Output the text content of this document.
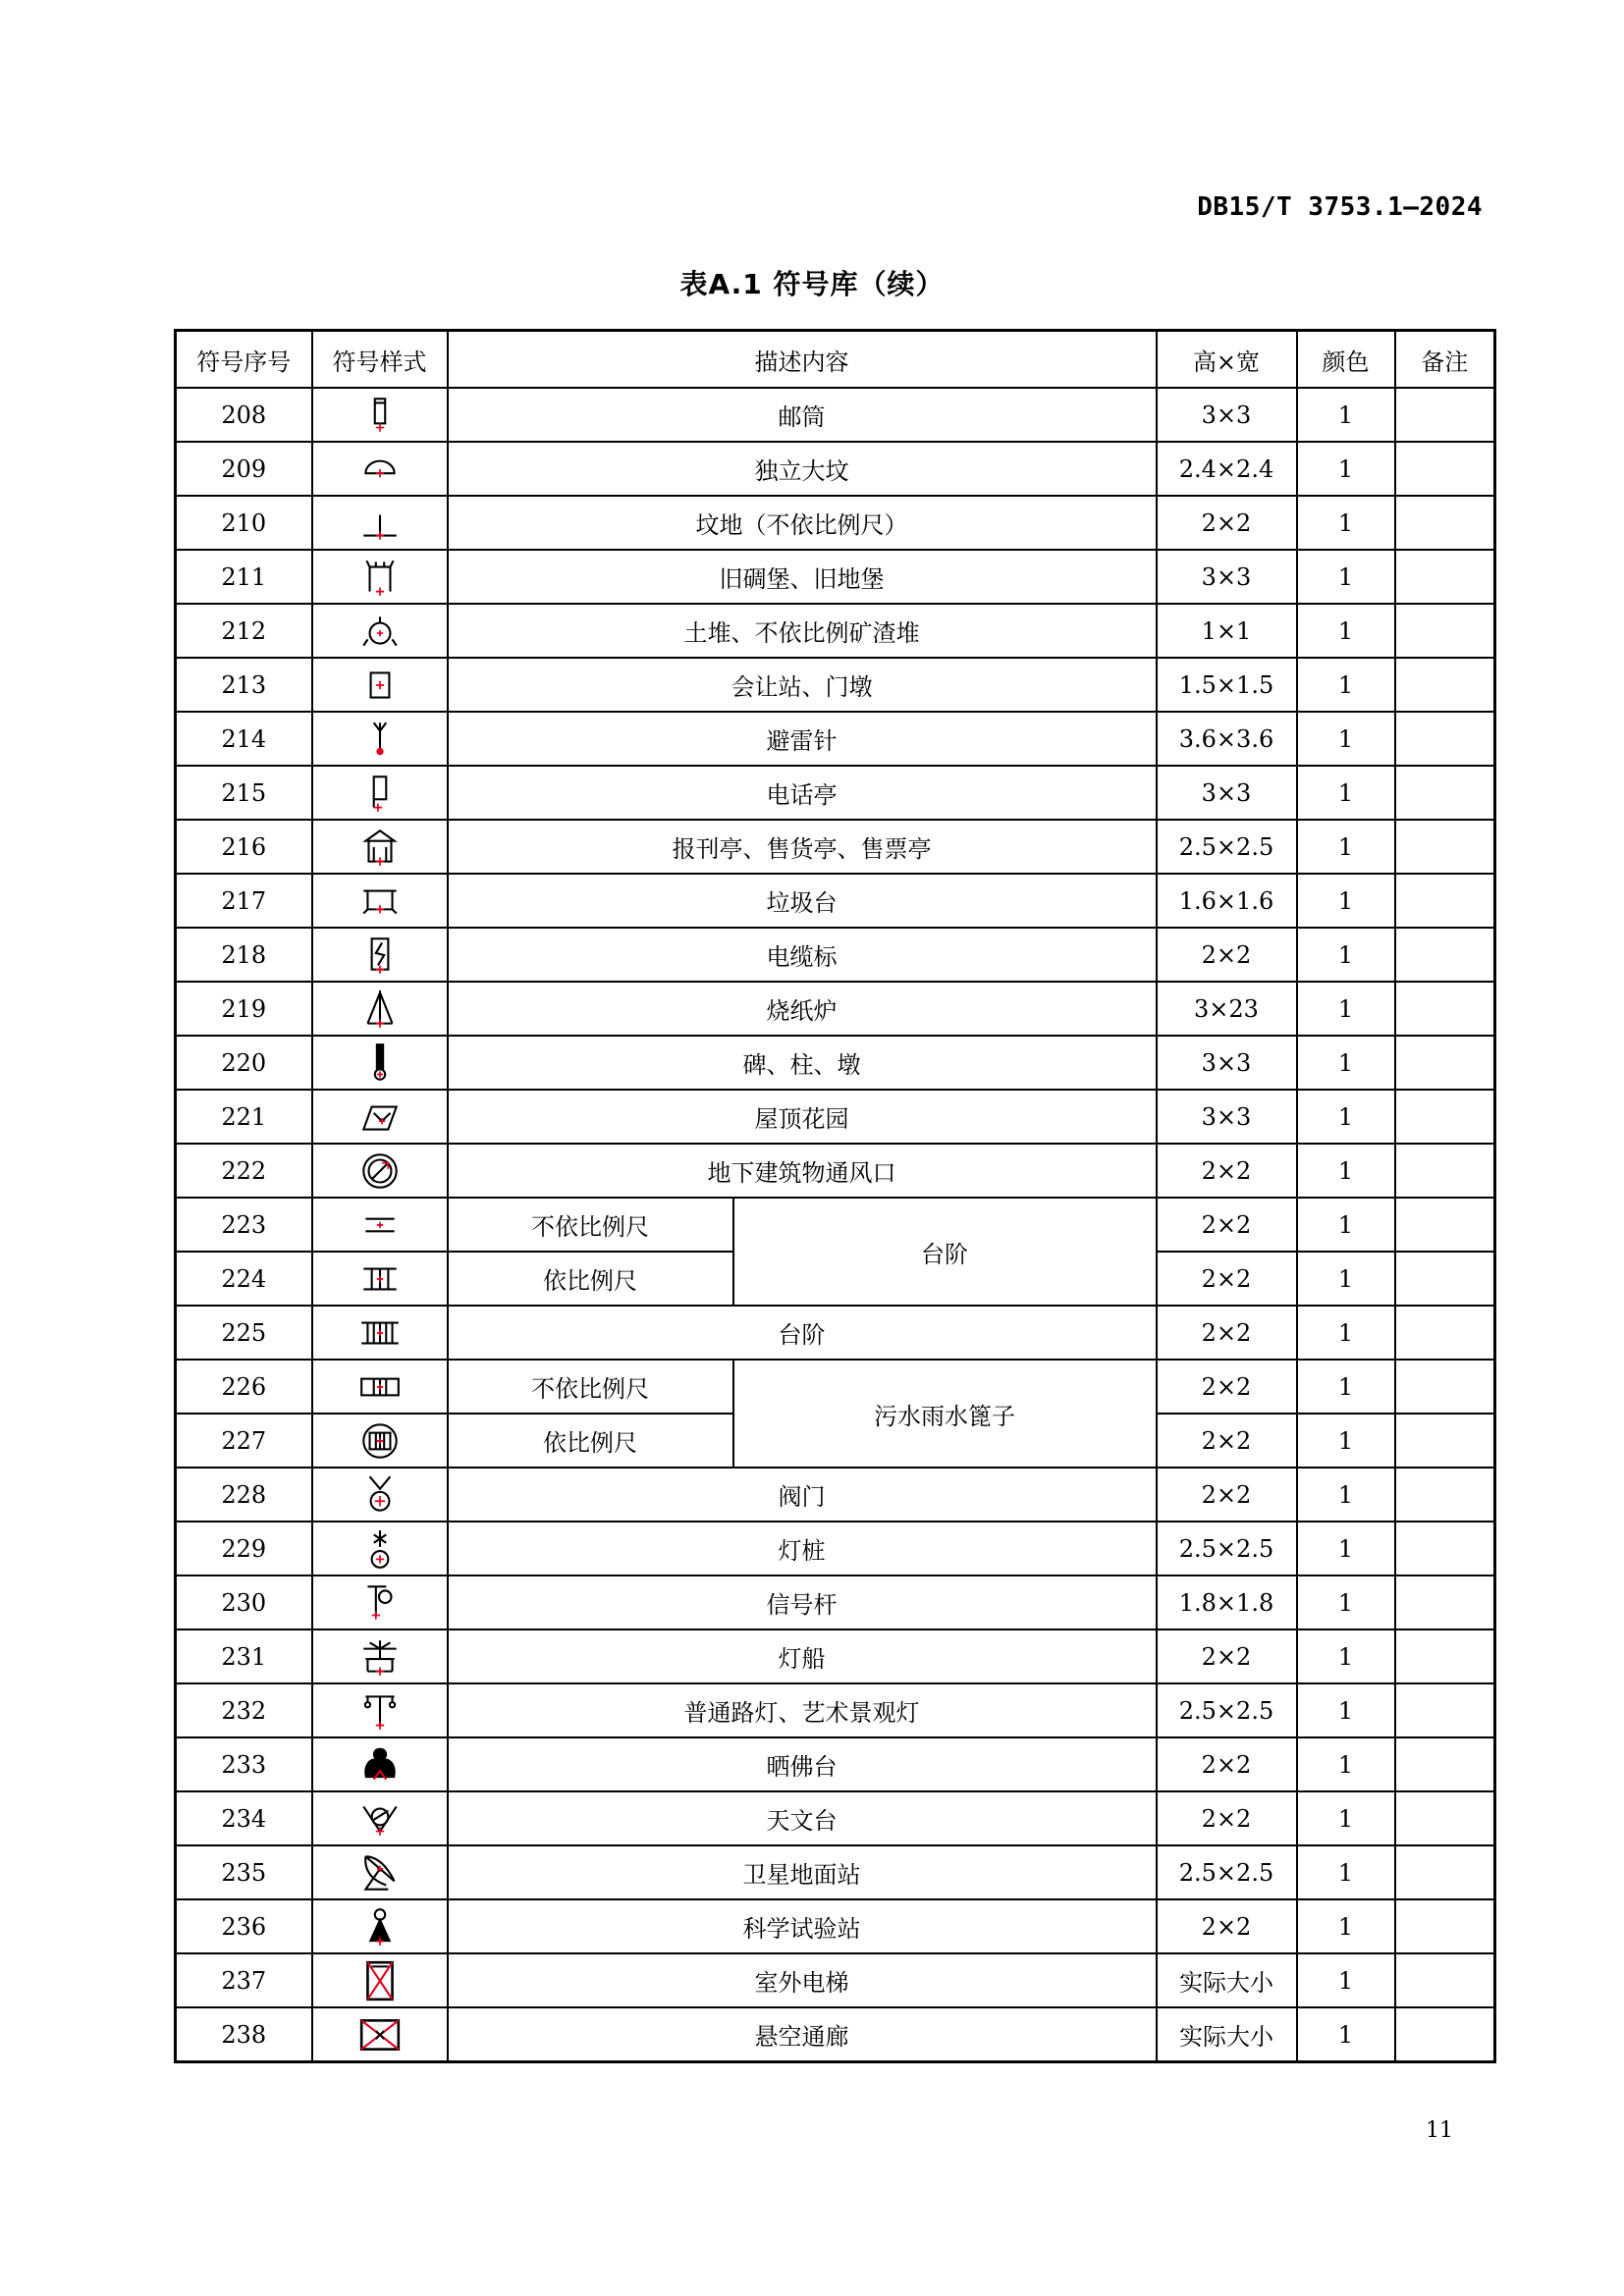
DB15/T 3753.1—2024
表A.1 符号库（续）
符号序号	符号样式	描述内容		高×宽	颜色	备注
208		邮筒		3×3	1	
209		独立大坟		2.4×2.4	1	
210		坟地（不依比例尺）		2×2	1	
211		旧碉堡、旧地堡		3×3	1	
212		土堆、不依比例矿渣堆		1×1	1	
213		会让站、门墩		1.5×1.5	1	
214		避雷针		3.6×3.6	1	
215		电话亭		3×3	1	
216		报刊亭、售货亭、售票亭		2.5×2.5	1	
217		垃圾台		1.6×1.6	1	
218		电缆标		2×2	1	
219		烧纸炉		3×23	1	
220		碑、柱、墩		3×3	1	
221		屋顶花园		3×3	1	
222		地下建筑物通风口		2×2	1	
223		不依比例尺	台阶	2×2	1	
224		依比例尺		2×2	1	
225		台阶		2×2	1	
226		不依比例尺	污水雨水篦子	2×2	1	
227		依比例尺		2×2	1	
228		阀门		2×2	1	
229		灯桩		2.5×2.5	1	
230		信号杆		1.8×1.8	1	
231		灯船		2×2	1	
232		普通路灯、艺术景观灯		2.5×2.5	1	
233		晒佛台		2×2	1	
234		天文台		2×2	1	
235		卫星地面站		2.5×2.5	1	
236		科学试验站		2×2	1	
237		室外电梯		实际大小	1	
238		悬空通廊		实际大小	1	
11
